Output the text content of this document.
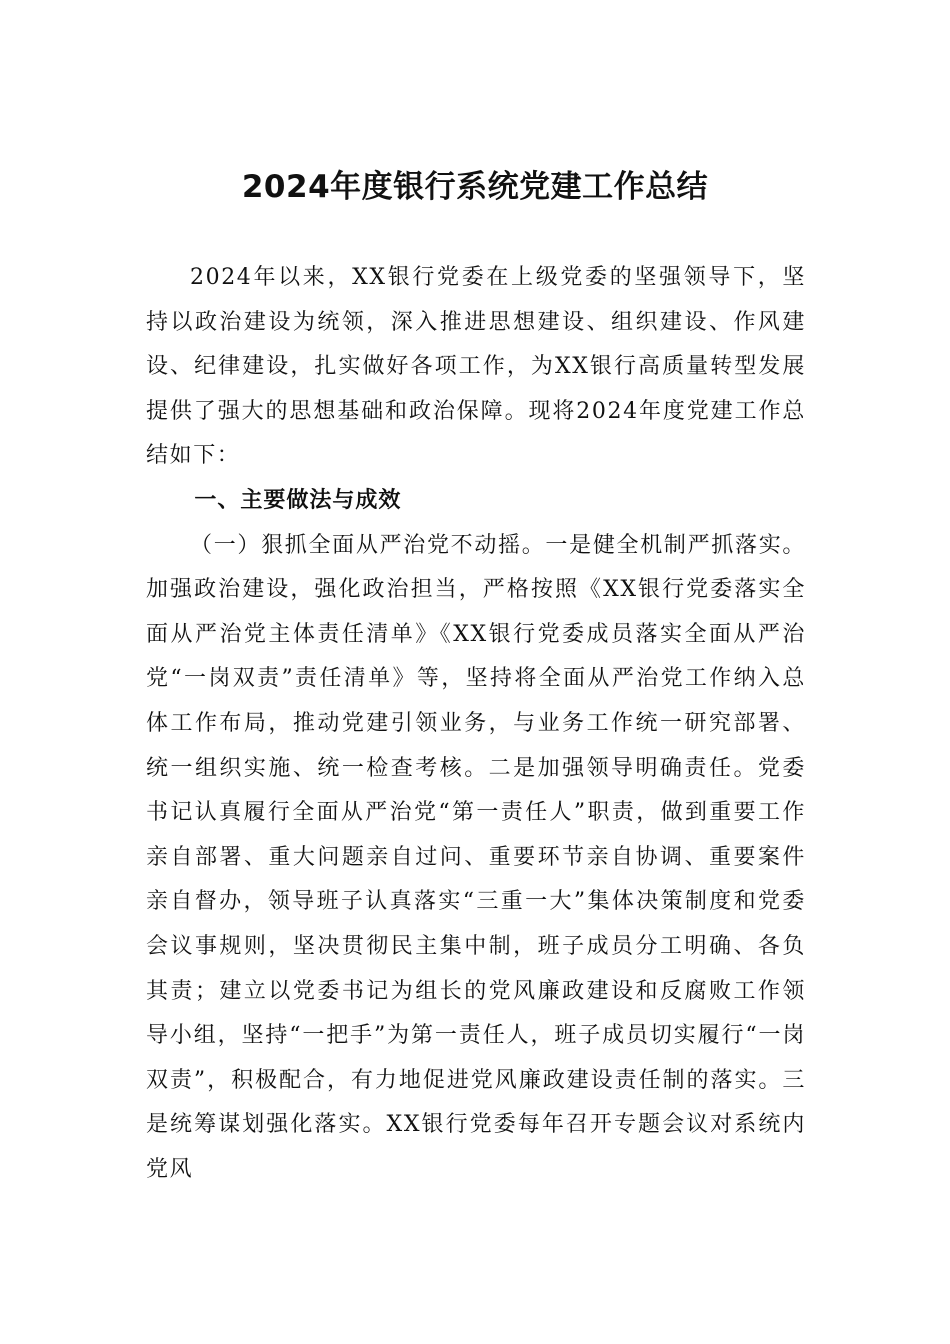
2024年度银行系统党建工作总结

2024年以来，XX银行党委在上级党委的坚强领导下，坚持以政治建设为统领，深入推进思想建设、组织建设、作风建设、纪律建设，扎实做好各项工作，为XX银行高质量转型发展提供了强大的思想基础和政治保障。现将2024年度党建工作总结如下：

一、主要做法与成效

（一）狠抓全面从严治党不动摇。一是健全机制严抓落实。加强政治建设，强化政治担当，严格按照《XX银行党委落实全面从严治党主体责任清单》《XX银行党委成员落实全面从严治党“一岗双责”责任清单》等，坚持将全面从严治党工作纳入总体工作布局，推动党建引领业务，与业务工作统一研究部署、统一组织实施、统一检查考核。二是加强领导明确责任。党委书记认真履行全面从严治党“第一责任人”职责，做到重要工作亲自部署、重大问题亲自过问、重要环节亲自协调、重要案件亲自督办，领导班子认真落实“三重一大”集体决策制度和党委会议事规则，坚决贯彻民主集中制，班子成员分工明确、各负其责；建立以党委书记为组长的党风廉政建设和反腐败工作领导小组，坚持“一把手”为第一责任人，班子成员切实履行“一岗双责”，积极配合，有力地促进党风廉政建设责任制的落实。三是统筹谋划强化落实。XX银行党委每年召开专题会议对系统内党风
